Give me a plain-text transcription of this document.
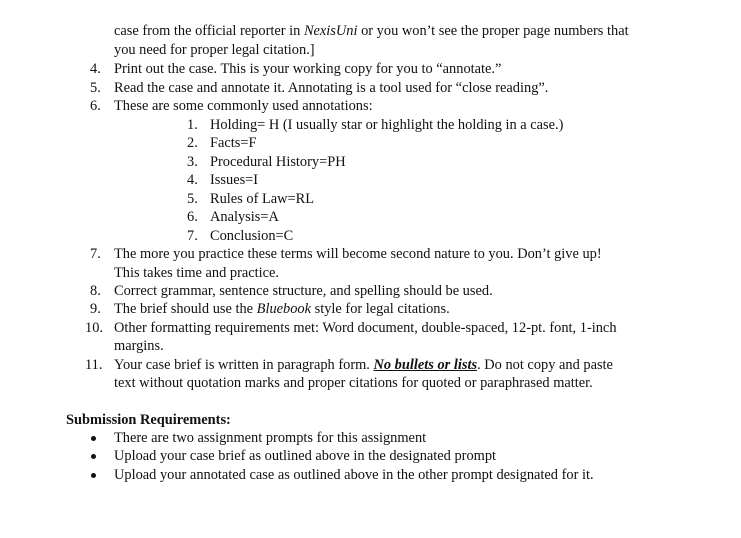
case from the official reporter in NexisUni or you won’t see the proper page numbers that
you need for proper legal citation.]
4. Print out the case. This is your working copy for you to “annotate.”
5. Read the case and annotate it. Annotating is a tool used for “close reading”.
6. These are some commonly used annotations:
1. Holding= H (I usually star or highlight the holding in a case.)
2. Facts=F
3. Procedural History=PH
4. Issues=I
5. Rules of Law=RL
6. Analysis=A
7. Conclusion=C
7. The more you practice these terms will become second nature to you. Don’t give up!
This takes time and practice.
8. Correct grammar, sentence structure, and spelling should be used.
9. The brief should use the Bluebook style for legal citations.
10. Other formatting requirements met: Word document, double-spaced, 12-pt. font, 1-inch
margins.
11. Your case brief is written in paragraph form. No bullets or lists. Do not copy and paste
text without quotation marks and proper citations for quoted or paraphrased matter.
Submission Requirements:
There are two assignment prompts for this assignment
Upload your case brief as outlined above in the designated prompt
Upload your annotated case as outlined above in the other prompt designated for it.
